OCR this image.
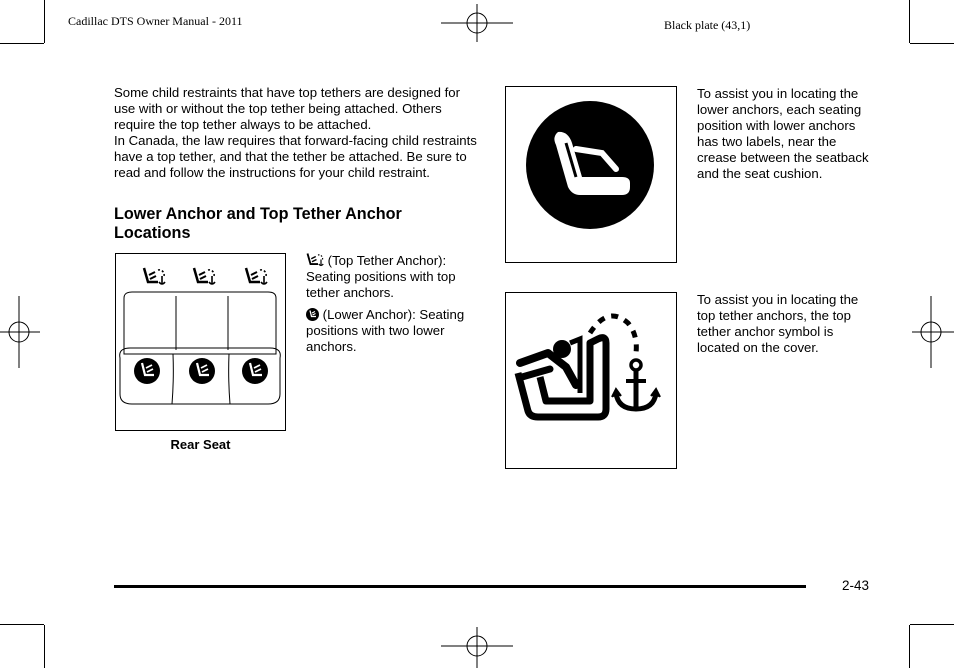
Cadillac DTS Owner Manual - 2011	Black plate (43,1)

Some child restraints that have top tethers are designed for use with or without the top tether being attached. Others require the top tether always to be attached.

In Canada, the law requires that forward-facing child restraints have a top tether, and that the tether be attached. Be sure to read and follow the instructions for your child restraint.

Lower Anchor and Top Tether Anchor Locations
Rear Seat
(Top Tether Anchor): Seating positions with top tether anchors.
(Lower Anchor): Seating positions with two lower anchors.
To assist you in locating the lower anchors, each seating position with lower anchors has two labels, near the crease between the seatback and the seat cushion.
To assist you in locating the top tether anchors, the top tether anchor symbol is located on the cover.
2-43
